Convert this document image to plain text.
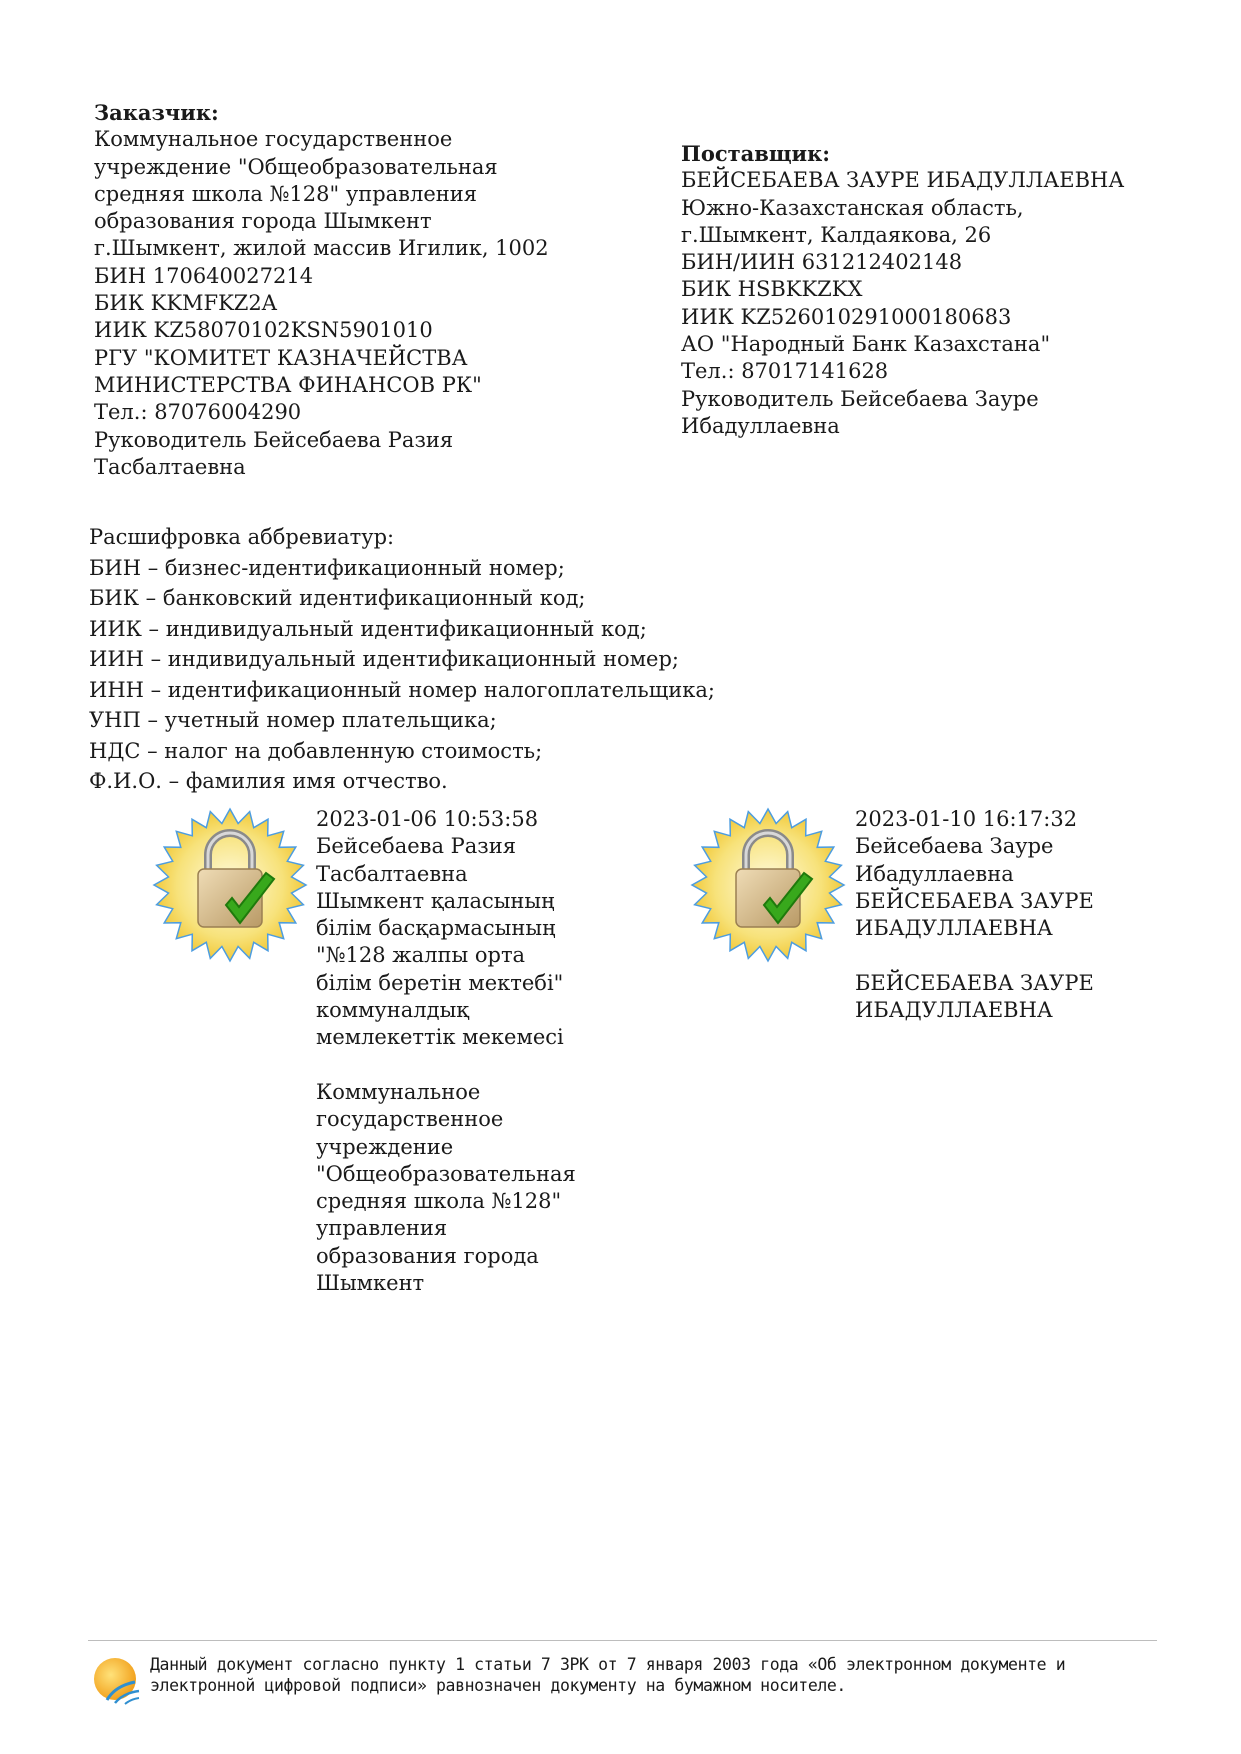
Заказчик:
Коммунальное государственное
учреждение "Общеобразовательная
средняя школа №128" управления
образования города Шымкент
г.Шымкент, жилой массив Игилик, 1002
БИН 170640027214
БИК KKMFKZ2A
ИИК KZ58070102KSN5901010
РГУ "КОМИТЕТ КАЗНАЧЕЙСТВА
МИНИСТЕРСТВА ФИНАНСОВ РК"
Тел.: 87076004290
Руководитель Бейсебаева Разия
Тасбалтаевна
Поставщик:
БЕЙСЕБАЕВА ЗАУРЕ ИБАДУЛЛАЕВНА
Южно-Казахстанская область,
г.Шымкент, Калдаякова, 26
БИН/ИИН 631212402148
БИК HSBKKZKX
ИИК KZ526010291000180683
АО "Народный Банк Казахстана"
Тел.: 87017141628
Руководитель Бейсебаева Зауре
Ибадуллаевна
Расшифровка аббревиатур:
БИН – бизнес-идентификационный номер;
БИК – банковский идентификационный код;
ИИК – индивидуальный идентификационный код;
ИИН – индивидуальный идентификационный номер;
ИНН – идентификационный номер налогоплательщика;
УНП – учетный номер плательщика;
НДС – налог на добавленную стоимость;
Ф.И.О. – фамилия имя отчество.
2023-01-06 10:53:58
Бейсебаева Разия
Тасбалтаевна
Шымкент қаласының
білім басқармасының
"№128 жалпы орта
білім беретін мектебі"
коммуналдық
мемлекеттік мекемесі
Коммунальное
государственное
учреждение
"Общеобразовательная
средняя школа №128"
управления
образования города
Шымкент
2023-01-10 16:17:32
Бейсебаева Зауре
Ибадуллаевна
БЕЙСЕБАЕВА ЗАУРЕ
ИБАДУЛЛАЕВНА
БЕЙСЕБАЕВА ЗАУРЕ
ИБАДУЛЛАЕВНА
Данный документ согласно пункту 1 статьи 7 ЗРК от 7 января 2003 года «Об электронном документе и
электронной цифровой подписи» равнозначен документу на бумажном носителе.
